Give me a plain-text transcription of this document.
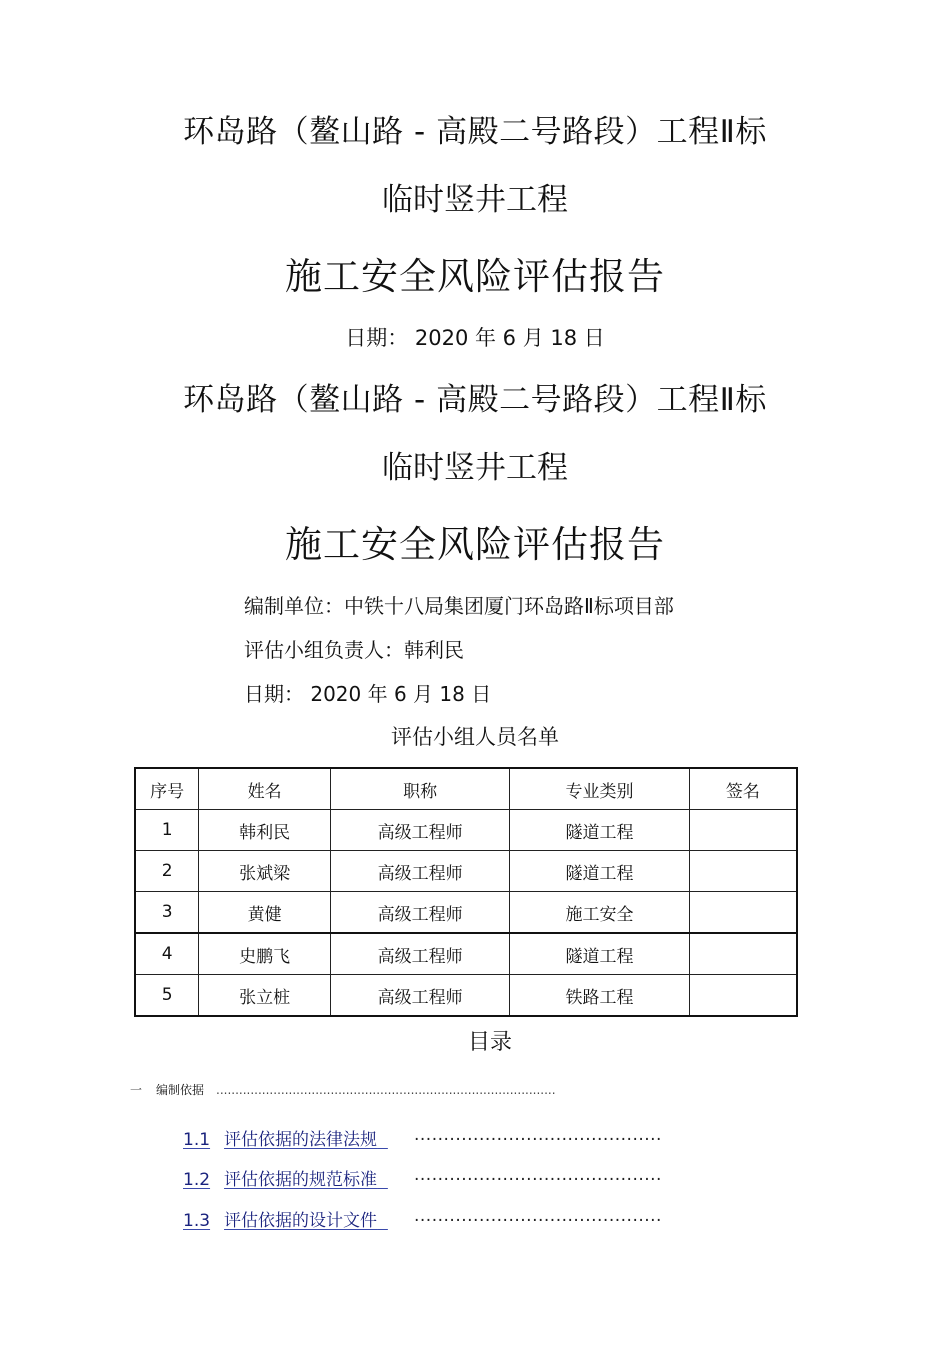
环岛路（鳌山路 - 高殿二号路段）工程Ⅱ标
临时竖井工程
施工安全风险评估报告
日期： 2020 年 6 月 18 日
环岛路（鳌山路 - 高殿二号路段）工程Ⅱ标
临时竖井工程
施工安全风险评估报告
编制单位：中铁十八局集团厦门环岛路Ⅱ标项目部
评估小组负责人：韩利民
日期： 2020 年 6 月 18 日
评估小组人员名单
序号	姓名	职称	专业类别	签名
1	韩利民	高级工程师	隧道工程	
2	张斌梁	高级工程师	隧道工程	
3	黄健	高级工程师	施工安全	
4	史鹏飞	高级工程师	隧道工程	
5	张立桩	高级工程师	铁路工程	
目录
一 编制依据 .........................................................................................
1.1 评估依据的法律法规 ..........................................
1.2 评估依据的规范标准 ..........................................
1.3 评估依据的设计文件 ..........................................
